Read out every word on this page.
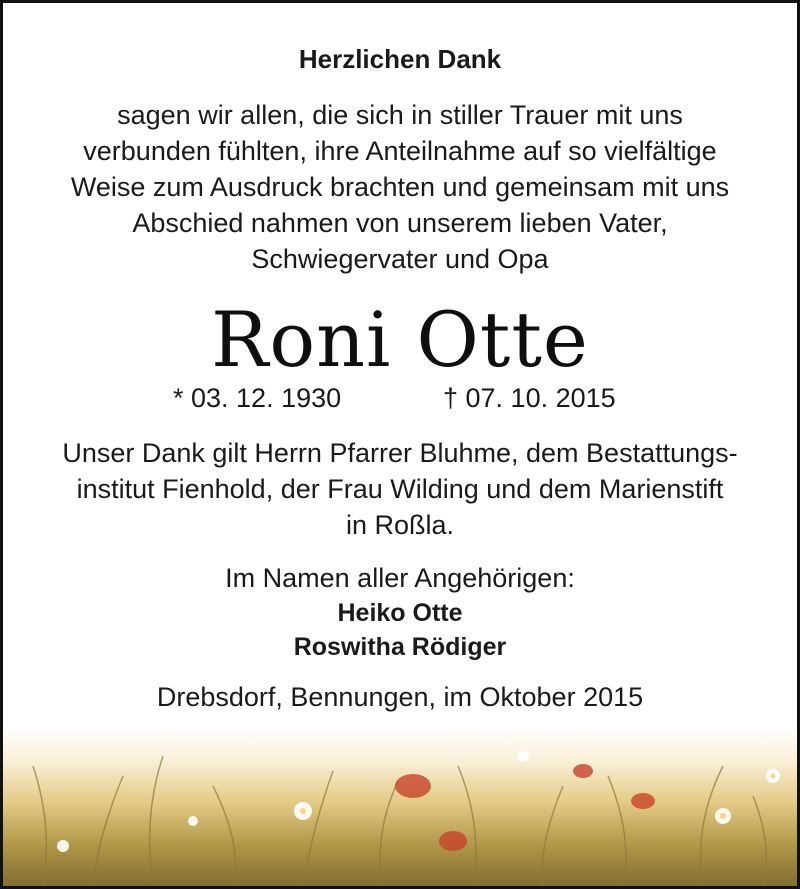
Herzlichen Dank
sagen wir allen, die sich in stiller Trauer mit uns
verbunden fühlten, ihre Anteilnahme auf so vielfältige
Weise zum Ausdruck brachten und gemeinsam mit uns
Abschied nahmen von unserem lieben Vater,
Schwiegervater und Opa
Roni Otte
* 03. 12. 1930	† 07. 10. 2015
Unser Dank gilt Herrn Pfarrer Bluhme, dem Bestattungs-
institut Fienhold, der Frau Wilding und dem Marienstift
in Roßla.
Im Namen aller Angehörigen:
Heiko Otte
Roswitha Rödiger
Drebsdorf, Bennungen, im Oktober 2015
